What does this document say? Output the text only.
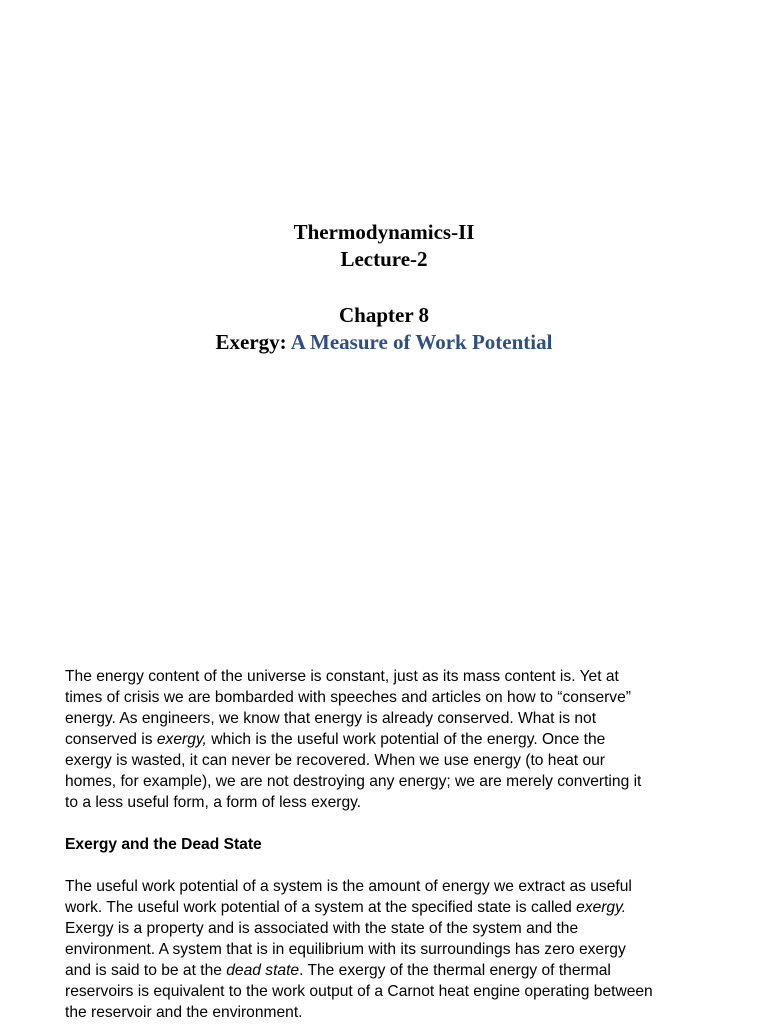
Thermodynamics-II
Lecture-2
Chapter 8
Exergy: A Measure of Work Potential
The energy content of the universe is constant, just as its mass content is. Yet at
times of crisis we are bombarded with speeches and articles on how to “conserve”
energy. As engineers, we know that energy is already conserved. What is not
conserved is exergy, which is the useful work potential of the energy. Once the
exergy is wasted, it can never be recovered. When we use energy (to heat our
homes, for example), we are not destroying any energy; we are merely converting it
to a less useful form, a form of less exergy.
Exergy and the Dead State
The useful work potential of a system is the amount of energy we extract as useful
work. The useful work potential of a system at the specified state is called exergy.
Exergy is a property and is associated with the state of the system and the
environment. A system that is in equilibrium with its surroundings has zero exergy
and is said to be at the dead state. The exergy of the thermal energy of thermal
reservoirs is equivalent to the work output of a Carnot heat engine operating between
the reservoir and the environment.
